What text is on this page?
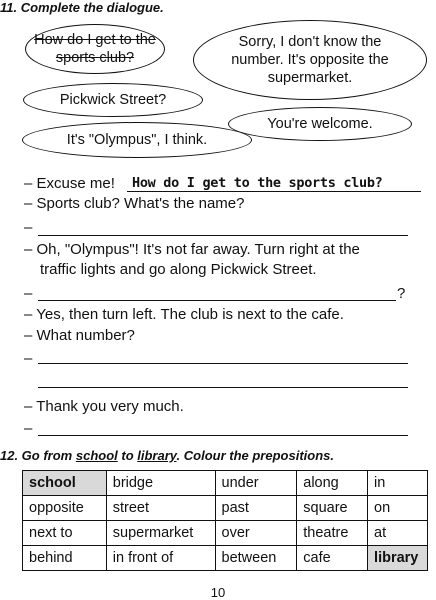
11. Complete the dialogue.
How do I get to the sports club?
Sorry, I don't know the number. It's opposite the supermarket.
Pickwick Street?
You're welcome.
It's "Olympus", I think.
– Excuse me! How do I get to the sports club?
– Sports club? What's the name?
–
– Oh, "Olympus"! It's not far away. Turn right at the
traffic lights and go along Pickwick Street.
–	?
– Yes, then turn left. The club is next to the cafe.
– What number?
–
– Thank you very much.
–
12. Go from school to library. Colour the prepositions.
school	bridge	under	along	in
opposite	street	past	square	on
next to	supermarket	over	theatre	at
behind	in front of	between	cafe	library
10
